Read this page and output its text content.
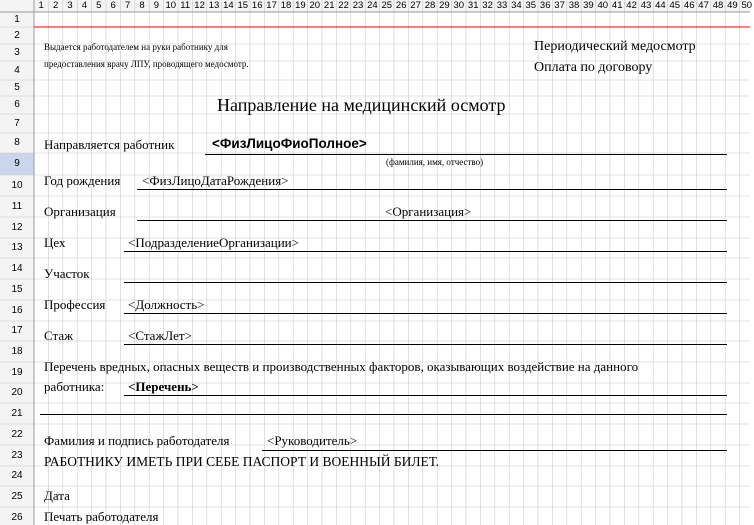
1 2 3 4 5 6 7 8 9 10 11 12 13 14 15 16 17 18 19 20 21 22 23 24 25 26 27 28 29 30 31 32 33 34 35 36 37 38 39 40 41 42 43 44 45 46 47 48 49 50
1
2
3
4
5
6
7
8
9
10
11
12
13
14
15
16
17
18
19
20
21
22
23
24
25
26
Выдается работодателем на руки работнику для
предоставления врачу ЛПУ, проводящего медосмотр.
Периодический медосмотр
Оплата по договору
Направление на медицинский осмотр
Направляется работник	<ФизЛицоФиоПолное>
(фамилия, имя, отчество)
Год рождения <ФизЛицоДатаРождения>
Организация	<Организация>
Цех	<ПодразделениеОрганизации>
Участок
Профессия <Должность>
Стаж	<СтажЛет>
Перечень вредных, опасных веществ и производственных факторов, оказывающих воздействие на данного
работника: <Перечень>
Фамилия и подпись работодателя	<Руководитель>
РАБОТНИКУ ИМЕТЬ ПРИ СЕБЕ ПАСПОРТ И ВОЕННЫЙ БИЛЕТ.
Дата
Печать работодателя
